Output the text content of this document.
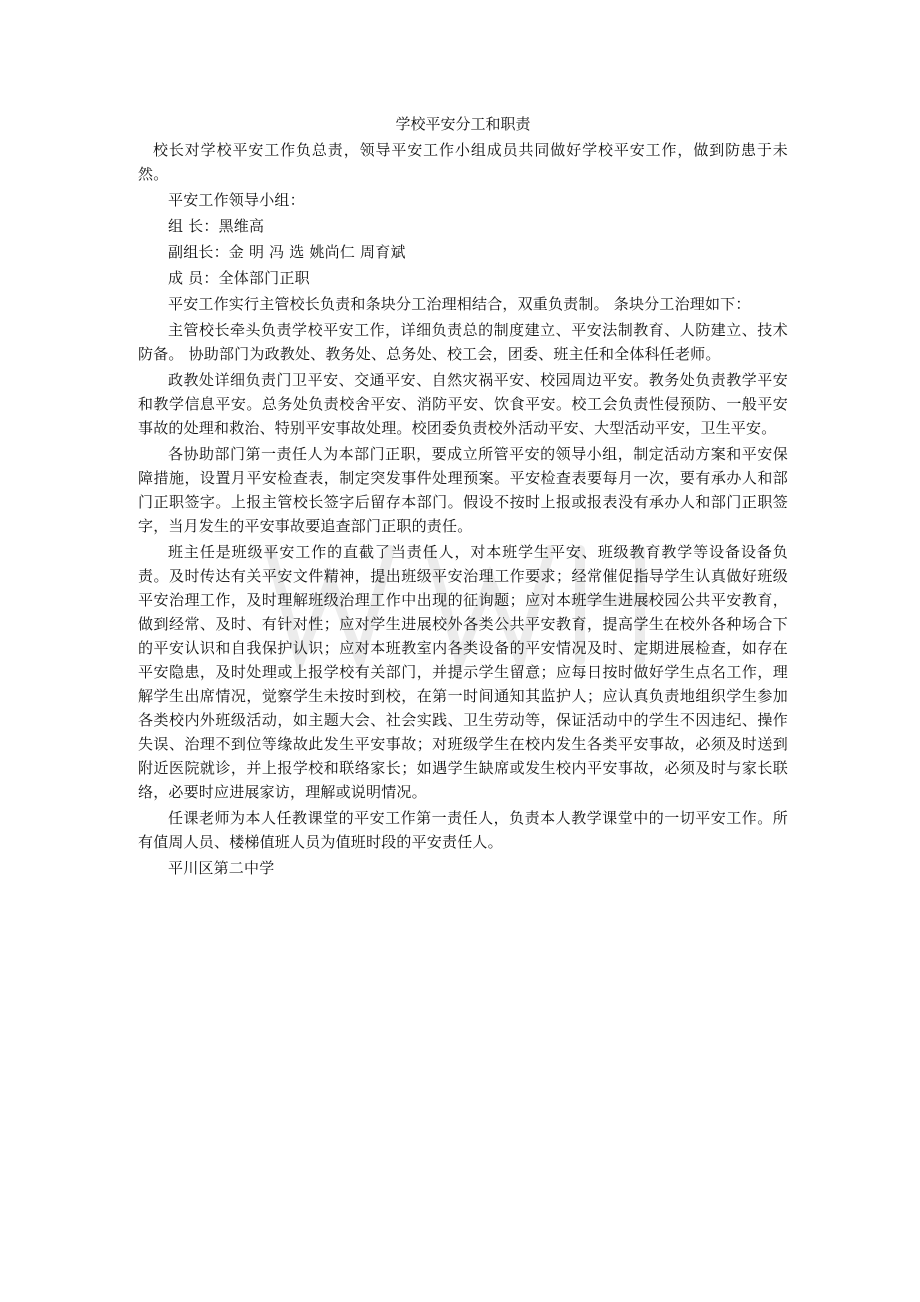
学校平安分工和职责

校长对学校平安工作负总责，领导平安工作小组成员共同做好学校平安工作，做到防患于未然。

平安工作领导小组：

组 长：黑维高

副组长：金 明 冯 选 姚尚仁 周育斌

成 员：全体部门正职

平安工作实行主管校长负责和条块分工治理相结合，双重负责制。 条块分工治理如下：

主管校长牵头负责学校平安工作，详细负责总的制度建立、平安法制教育、人防建立、技术防备。 协助部门为政教处、教务处、总务处、校工会，团委、班主任和全体科任老师。

政教处详细负责门卫平安、交通平安、自然灾祸平安、校园周边平安。教务处负责教学平安和教学信息平安。总务处负责校舍平安、消防平安、饮食平安。校工会负责性侵预防、一般平安事故的处理和救治、特别平安事故处理。校团委负责校外活动平安、大型活动平安，卫生平安。

各协助部门第一责任人为本部门正职，要成立所管平安的领导小组，制定活动方案和平安保障措施，设置月平安检查表，制定突发事件处理预案。平安检查表要每月一次，要有承办人和部门正职签字。上报主管校长签字后留存本部门。假设不按时上报或报表没有承办人和部门正职签字，当月发生的平安事故要追查部门正职的责任。

班主任是班级平安工作的直截了当责任人，对本班学生平安、班级教育教学等设备设备负责。及时传达有关平安文件精神，提出班级平安治理工作要求；经常催促指导学生认真做好班级平安治理工作，及时理解班级治理工作中出现的征询题；应对本班学生进展校园公共平安教育，做到经常、及时、有针对性；应对学生进展校外各类公共平安教育，提高学生在校外各种场合下的平安认识和自我保护认识；应对本班教室内各类设备的平安情况及时、定期进展检查，如存在平安隐患，及时处理或上报学校有关部门，并提示学生留意；应每日按时做好学生点名工作，理解学生出席情况，觉察学生未按时到校，在第一时间通知其监护人；应认真负责地组织学生参加各类校内外班级活动，如主题大会、社会实践、卫生劳动等，保证活动中的学生不因违纪、操作失误、治理不到位等缘故此发生平安事故；对班级学生在校内发生各类平安事故，必须及时送到附近医院就诊，并上报学校和联络家长；如遇学生缺席或发生校内平安事故，必须及时与家长联络，必要时应进展家访，理解或说明情况。

任课老师为本人任教课堂的平安工作第一责任人，负责本人教学课堂中的一切平安工作。所有值周人员、楼梯值班人员为值班时段的平安责任人。

平川区第二中学
